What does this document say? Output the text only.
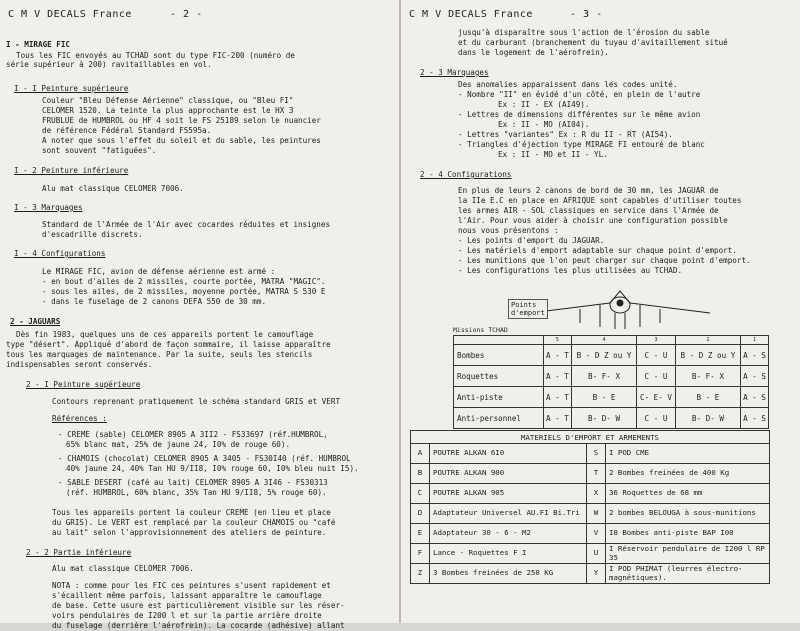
C M V DECALS France	- 2 -
I - MIRAGE FIC
Tous les FIC envoyés au TCHAD sont du type FIC-200 (numéro de
série supérieur à 200) ravitaillables en vol.
I - I Peinture supérieure
Couleur "Bleu Défense Aérienne" classique, ou "Bleu FI"
CELOMER 1520. La teinte la plus approchante est le HX 3
FRUBLUE de HUMBROL ou HF 4 soit le FS 25189 selon le nuancier
de référence Fédéral Standard FS595a.
A noter que sous l'effet du soleil et du sable, les peintures
sont souvent "fatiguées".
I - 2 Peinture inférieure
Alu mat classique CELOMER 7006.
I - 3 Marquages
Standard de l'Armée de l'Air avec cocardes réduites et insignes
d'escadrille discrets.
I - 4 Configurations
Le MIRAGE FIC, avion de défense aérienne est armé :
- en bout d'ailes de 2 missiles, courte portée, MATRA "MAGIC".
- sous les ailes, de 2 missiles, moyenne portée, MATRA S 530 E
- dans le fuselage de 2 canons DEFA 550 de 30 mm.
2 - JAGUARS
Dès fin 1983, quelques uns de ces appareils portent le camouflage
type "désert". Appliqué d'abord de façon sommaire, il laisse apparaître
tous les marquages de maintenance. Par la suite, seuls les stencils
indispensables seront conservés.
2 - I Peinture supérieure
Contours reprenant pratiquement le schéma standard GRIS et VERT
Références :
- CREME (sable) CELOMER 8905 A 3II2 - FS33697 (réf.HUMBROL,
65% blanc mat, 25% de jaune 24, I0% de rouge 60).
- CHAMOIS (chocolat) CELOMER 8905 A 3405 - FS30I40 (réf. HUMBROL
40% jaune 24, 40% Tan HU 9/II8, I0% rouge 60, I0% bleu nuit I5).
- SABLE DESERT (café au lait) CELOMER 8905 A 3I46 - FS30313
(réf. HUMBROL, 60% blanc, 35% Tan HU 9/II8, 5% rouge 60).
Tous les appareils portent la couleur CREME (en lieu et place
du GRIS). Le VERT est remplacé par la couleur CHAMOIS ou "café
au lait" selon l'approvisionnement des ateliers de peinture.
2 - 2 Partie inférieure
Alu mat classique CELOMER 7006.
NOTA : comme pour les FIC ces peintures s'usent rapidement et
s'écaillent même parfois, laissant apparaître le camouflage
de base. Cette usure est particulièrement visible sur les réser-
voirs pendulaires de I200 l et sur la partie arrière droite
du fuselage (derrière l'aérofrein). La cocarde (adhésive) allant
C M V DECALS France	- 3 -
jusqu'à disparaître sous l'action de l'érosion du sable
et du carburant (branchement du tuyau d'avitaillement situé
dans le logement de l'aérofrein).
2 - 3 Marquages
Des anomalies apparaissent dans les codes unité.
- Nombre "II" en évidé d'un côté, en plein de l'autre
Ex : II - EX (AI49).
- Lettres de dimensions différentes sur le même avion
Ex : II - MO (AI04).
- Lettres "variantes" Ex : R du II - RT (AI54).
- Triangles d'éjection type MIRAGE FI entouré de blanc
Ex : II - MO et II - YL.
2 - 4 Configurations
En plus de leurs 2 canons de bord de 30 mm, les JAGUAR de
la IIe E.C en place en AFRIQUE sont capables d'utiliser toutes
les armes AIR - SOL classiques en service dans l'Armée de
l'Air. Pour vous aider à choisir une configuration possible
nous vous présentons :
- Les points d'emport du JAGUAR.
- Les matériels d'emport adaptable sur chaque point d'emport.
- Les munitions que l'on peut charger sur chaque point d'emport.
- Les configurations les plus utilisées au TCHAD.
Points
d'emport
Missions TCHAD
	5	4	3	2	1
Bombes	A - T	B - D Z ou Y	C - U	B - D Z ou Y	A - S
Roquettes	A - T	B- F- X	C - U	B- F- X	A - S
Anti-piste	A - T	B - E	C- E- V	B - E	A - S
Anti-personnel	A - T	B- D- W	C - U	B- D- W	A - S
MATERIELS D'EMPORT ET ARMEMENTS			
A	POUTRE ALKAN 6I0	S	I POD CME
B	POUTRE ALKAN 900	T	2 Bombes freinées de 400 Kg
C	POUTRE ALKAN 905	X	36 Roquettes de 68 mm
D	Adaptateur Universel AU.FI Bi.Tri	W	2 bombes BELOUGA à sous-munitions
E	Adaptateur 30 - 6 - M2	V	I8 Bombes anti-piste BAP I00
F	Lance - Roquettes F I	U	I Réservoir pendulaire de I200 l RP 35
Z	3 Bombes freinées de 250 KG	Y	I POD PHIMAT (leurres électro-magnétiques).
